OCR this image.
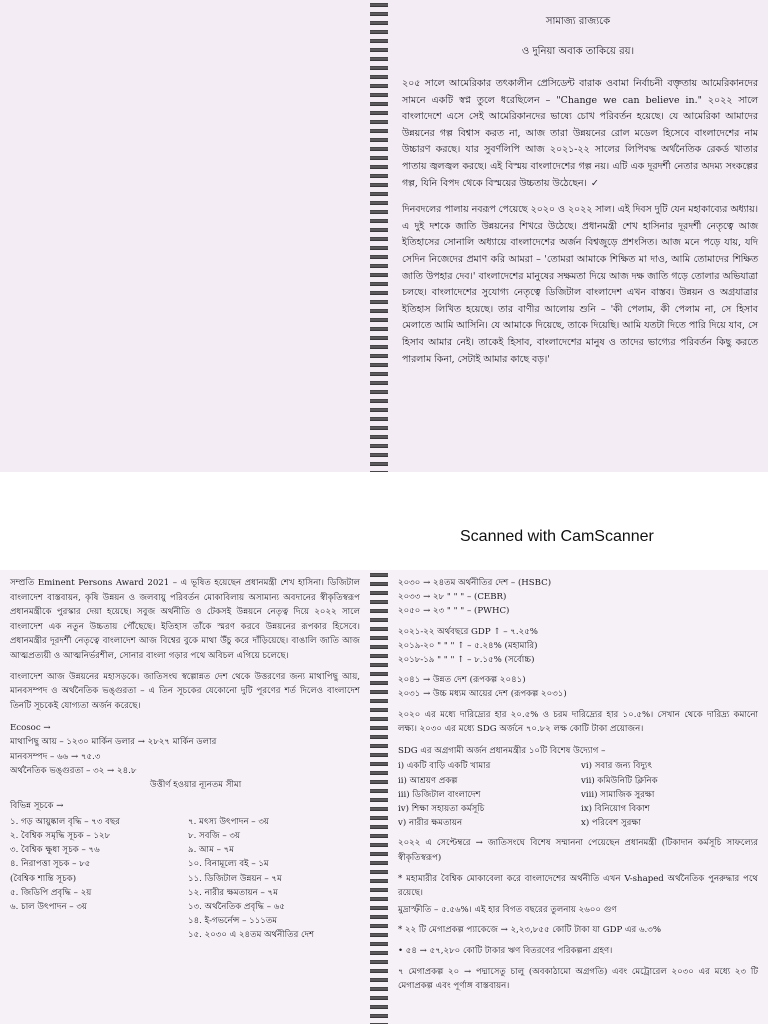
সামাজ্য রাজ্যকে
ও দুনিয়া অবাক তাকিয়ে রয়।

২০৫ সালে আমেরিকার তৎকালীন প্রেসিডেন্ট বারাক ওবামা নির্বাচনী বক্তৃতায় আমেরিকানদের সামনে একটি স্বপ্ন তুলে ধরেছিলেন – "Change we can believe in." ২০২২ সালে বাংলাদেশে এসে সেই আমেরিকানদের ভাষ্যে চোখ পরিবর্তন হয়েছে। যে আমেরিকা আমাদের উন্নয়নের গল্প বিশ্বাস করত না, আজ তারা উন্নয়নের রোল মডেল হিসেবে বাংলাদেশের নাম উচ্চারণ করছে। যার সুবর্ণলিপি আজ ২০২১-২২ সালের লিপিবদ্ধ অর্থনৈতিক রেকর্ড খাতার পাতায় জ্বলজ্বল করছে। এই বিস্ময় বাংলাদেশের গল্প নয়। এটি এক দূরদর্শী নেতার অদম্য সংকল্পের গল্প, যিনি বিপদ থেকে বিস্ময়ের উচ্চতায় উঠেছেন। ✓

দিনবদলের পালায় নবরূপ পেয়েছে ২০২০ ও ২০২২ সাল। এই দিবস দুটি যেন মহাকাব্যের অধ্যায়। এ দুই দশকে জাতি উন্নয়নের শিখরে উঠেছে। প্রধানমন্ত্রী শেখ হাসিনার দূরদর্শী নেতৃত্বে আজ ইতিহাসের সোনালি অধ্যায়ে বাংলাদেশের অর্জন বিশ্বজুড়ে প্রশংসিত। আজ মনে পড়ে যায়, যদি সেদিন নিজেদের প্রমাণ করি আমরা – 'তোমরা আমাকে শিক্ষিত মা দাও, আমি তোমাদের শিক্ষিত জাতি উপহার দেব।' বাংলাদেশের মানুষের সক্ষমতা দিয়ে আজ দক্ষ জাতি গড়ে তোলার অভিযাত্রা চলছে। বাংলাদেশের সুযোগ্য নেতৃত্বে ডিজিটাল বাংলাদেশ এখন বাস্তব। উন্নয়ন ও অগ্রযাত্রার ইতিহাস লিখিত হয়েছে। তার বাণীর আলোয় শুনি – 'কী পেলাম, কী পেলাম না, সে হিসাব মেলাতে আমি আসিনি। যে আমাকে দিয়েছে, তাকে দিয়েছি। আমি যতটা দিতে পারি দিয়ে যাব, সে হিসাব আমার নেই। তাকেই হিসাব, বাংলাদেশের মানুষ ও তাদের ভাগ্যের পরিবর্তন কিছু করতে পারলাম কিনা, সেটাই আমার কাছে বড়।'

Scanned with CamScanner

সম্প্রতি Eminent Persons Award 2021 – এ ভূষিত হয়েছেন প্রধানমন্ত্রী শেখ হাসিনা। ডিজিটাল বাংলাদেশ বাস্তবায়ন, কৃষি উন্নয়ন ও জলবায়ু পরিবর্তন মোকাবিলায় অসামান্য অবদানের স্বীকৃতিস্বরূপ প্রধানমন্ত্রীকে পুরস্কার দেয়া হয়েছে। সবুজ অর্থনীতি ও টেকসই উন্নয়নে নেতৃত্ব দিয়ে ২০২২ সালে বাংলাদেশ এক নতুন উচ্চতায় পৌঁছেছে। ইতিহাস তাঁকে স্মরণ করবে উন্নয়নের রূপকার হিসেবে। প্রধানমন্ত্রীর দূরদর্শী নেতৃত্বে বাংলাদেশ আজ বিশ্বের বুকে মাথা উঁচু করে দাঁড়িয়েছে। বাঙালি জাতি আজ আত্মপ্রত্যয়ী ও আত্মনির্ভরশীল, সোনার বাংলা গড়ার পথে অবিচল এগিয়ে চলেছে।

বাংলাদেশ আজ উন্নয়নের মহাসড়কে। জাতিসংঘ স্বল্পোন্নত দেশ থেকে উত্তরণের জন্য মাথাপিছু আয়, মানবসম্পদ ও অর্থনৈতিক ভঙ্গুরতা – এ তিন সূচকের যেকোনো দুটি পূরণের শর্ত দিলেও বাংলাদেশ তিনটি সূচকেই যোগ্যতা অর্জন করেছে।

Ecosoc →
মাথাপিছু আয় – ১২৩০ মার্কিন ডলার → ২৮২৭ মার্কিন ডলার
মানবসম্পদ – ৬৬ → ৭৫.৩
অর্থনৈতিক ভঙ্গুরতা – ৩২ → ২৪.৮
উত্তীর্ণ হওয়ার ন্যূনতম সীমা
বিভিন্ন সূচকে →
১. গড় আয়ুষ্কাল বৃদ্ধি – ৭৩ বছর
২. বৈশ্বিক সমৃদ্ধি সূচক – ১২৮
৩. বৈশ্বিক ক্ষুধা সূচক – ৭৬
৪. নিরাপত্তা সূচক – ৮৫
(বৈশ্বিক শান্তি সূচক)
৫. জিডিপি প্রবৃদ্ধি – ২য়
৬. চাল উৎপাদন – ৩য়
৭. মৎস্য উৎপাদন – ৩য়
৮. সবজি – ৩য়
৯. আম – ৭ম
১০. বিনামূল্যে বই – ১ম
১১. ডিজিটাল উন্নয়ন – ৭ম
১২. নারীর ক্ষমতায়ন – ৭ম
১৩. অর্থনৈতিক প্রবৃদ্ধি – ৬৫
১৪. ই-গভর্নেন্স – ১১১তম
১৫. ২০৩০ এ ২৪তম অর্থনীতির দেশ
২০৩০ → ২৪তম অর্থনীতির দেশ – (HSBC)
২০৩৩ → ২৮ " " " – (CEBR)
২০৫০ → ২৩ " " " – (PWHC)
২০২১-২২ অর্থবছরে GDP ↑ – ৭.২৫%
২০১৯-২০ " " " ↑ – ৫.২৪% (মহামারি)
২০১৮-১৯ " " " ↑ – ৮.১৫% (সর্বোচ্চ)
২০৪১ → উন্নত দেশ (রূপকল্প ২০৪১)
২০৩১ → উচ্চ মধ্যম আয়ের দেশ (রূপকল্প ২০৩১)

২০২০ এর মধ্যে দারিদ্র্যের হার ২০.৫% ও চরম দারিদ্র্যের হার ১০.৫%। সেখান থেকে দারিদ্র্য কমানো লক্ষ্য। ২০৩০ এর মধ্যে SDG অর্জনে ৭০.৮২ লক্ষ কোটি টাকা প্রয়োজন।

SDG এর অগ্রগামী অর্জন প্রধানমন্ত্রীর ১০টি বিশেষ উদ্যোগ –
i) একটি বাড়ি একটি খামার
ii) আশ্রয়ণ প্রকল্প
iii) ডিজিটাল বাংলাদেশ
iv) শিক্ষা সহায়তা কর্মসূচি
v) নারীর ক্ষমতায়ন
vi) সবার জন্য বিদ্যুৎ
vii) কমিউনিটি ক্লিনিক
viii) সামাজিক সুরক্ষা
ix) বিনিয়োগ বিকাশ
x) পরিবেশ সুরক্ষা

২০২২ এ সেপ্টেম্বরে → জাতিসংঘে বিশেষ সম্মাননা পেয়েছেন প্রধানমন্ত্রী (টিকাদান কর্মসূচি সাফল্যের স্বীকৃতিস্বরূপ)

* মহামারীর বৈশ্বিক মোকাবেলা করে বাংলাদেশের অর্থনীতি এখন V-shaped অর্থনৈতিক পুনরুদ্ধার পথে রয়েছে।

মুদ্রাস্ফীতি – ৫.৫৬%। এই হার বিগত বছরের তুলনায় ২৬০০ গুণ

* ২২ টি মেগাপ্রকল্প প্যাকেজে → ২,২৩,৮৫৫ কোটি টাকা যা GDP এর ৬.৩%

• ৫৪ → ৫৭,২৮০ কোটি টাকার ঋণ বিতরণের পরিকল্পনা গ্রহণ।

৭ মেগাপ্রকল্প ২০ → পদ্মাসেতু চালু (অবকাঠামো অগ্রগতি) এবং মেট্রোরেল ২০৩০ এর মধ্যে ২৩ টি মেগাপ্রকল্প এবং পূর্ণাঙ্গ বাস্তবায়ন।
